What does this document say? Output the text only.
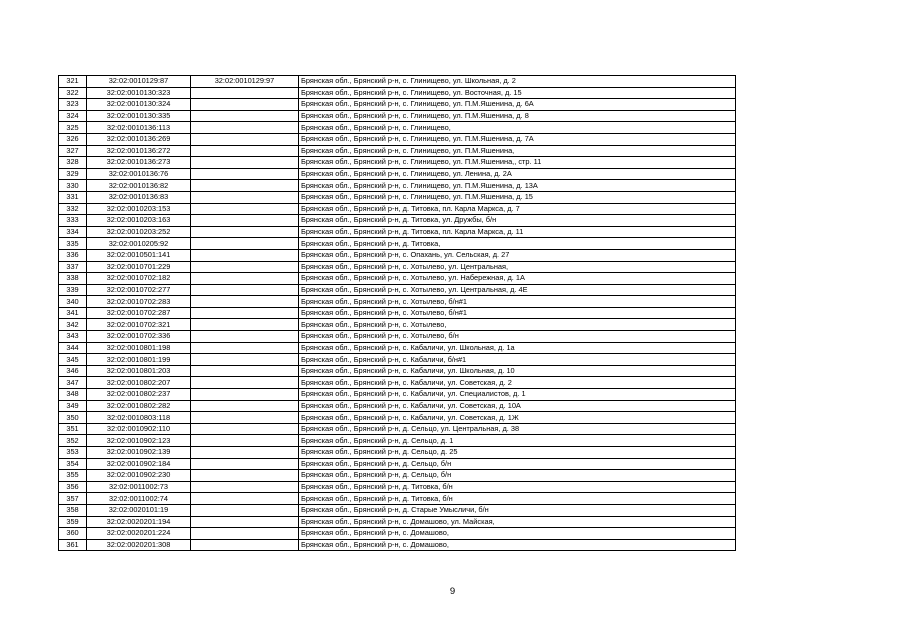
321	32:02:0010129:87	32:02:0010129:97	Брянская обл., Брянский р-н, с. Глинищево, ул. Школьная, д. 2
322	32:02:0010130:323		Брянская обл., Брянский р-н, с. Глинищево, ул. Восточная, д. 15
323	32:02:0010130:324		Брянская обл., Брянский р-н, с. Глинищево, ул. П.М.Яшенина, д. 6А
324	32:02:0010130:335		Брянская обл., Брянский р-н, с. Глинищево, ул. П.М.Яшенина, д. 8
325	32:02:0010136:113		Брянская обл., Брянский р-н, с. Глинищево,
326	32:02:0010136:269		Брянская обл., Брянский р-н, с. Глинищево, ул. П.М.Яшенина, д. 7А
327	32:02:0010136:272		Брянская обл., Брянский р-н, с. Глинищево, ул. П.М.Яшенина,
328	32:02:0010136:273		Брянская обл., Брянский р-н, с. Глинищево, ул. П.М.Яшенина,, стр. 11
329	32:02:0010136:76		Брянская обл., Брянский р-н, с. Глинищево, ул. Ленина, д. 2А
330	32:02:0010136:82		Брянская обл., Брянский р-н, с. Глинищево, ул. П.М.Яшенина, д. 13А
331	32:02:0010136:83		Брянская обл., Брянский р-н, с. Глинищево, ул. П.М.Яшенина, д. 15
332	32:02:0010203:153		Брянская обл., Брянский р-н, д. Титовка, пл. Карла Маркса, д. 7
333	32:02:0010203:163		Брянская обл., Брянский р-н, д. Титовка, ул. Дружбы, б/н
334	32:02:0010203:252		Брянская обл., Брянский р-н, д. Титовка, пл. Карла Маркса, д. 11
335	32:02:0010205:92		Брянская обл., Брянский р-н, д. Титовка,
336	32:02:0010501:141		Брянская обл., Брянский р-н, с. Опахань, ул. Сельская, д. 27
337	32:02:0010701:229		Брянская обл., Брянский р-н, с. Хотылево, ул. Центральная,
338	32:02:0010702:182		Брянская обл., Брянский р-н, с. Хотылево, ул. Набережная, д. 1А
339	32:02:0010702:277		Брянская обл., Брянский р-н, с. Хотылево, ул. Центральная, д. 4Е
340	32:02:0010702:283		Брянская обл., Брянский р-н, с. Хотылево, б/н#1
341	32:02:0010702:287		Брянская обл., Брянский р-н, с. Хотылево, б/н#1
342	32:02:0010702:321		Брянская обл., Брянский р-н, с. Хотылево,
343	32:02:0010702:336		Брянская обл., Брянский р-н, с. Хотылево, б/н
344	32:02:0010801:198		Брянская обл., Брянский р-н, с. Кабаличи, ул. Школьная, д. 1а
345	32:02:0010801:199		Брянская обл., Брянский р-н, с. Кабаличи, б/н#1
346	32:02:0010801:203		Брянская обл., Брянский р-н, с. Кабаличи, ул. Школьная, д. 10
347	32:02:0010802:207		Брянская обл., Брянский р-н, с. Кабаличи, ул. Советская, д. 2
348	32:02:0010802:237		Брянская обл., Брянский р-н, с. Кабаличи, ул. Специалистов, д. 1
349	32:02:0010802:282		Брянская обл., Брянский р-н, с. Кабаличи, ул. Советская, д. 10А
350	32:02:0010803:118		Брянская обл., Брянский р-н, с. Кабаличи, ул. Советская, д. 1Ж
351	32:02:0010902:110		Брянская обл., Брянский р-н, д. Сельцо, ул. Центральная, д. 38
352	32:02:0010902:123		Брянская обл., Брянский р-н, д. Сельцо, д. 1
353	32:02:0010902:139		Брянская обл., Брянский р-н, д. Сельцо, д. 25
354	32:02:0010902:184		Брянская обл., Брянский р-н, д. Сельцо, б/н
355	32:02:0010902:230		Брянская обл., Брянский р-н, д. Сельцо, б/н
356	32:02:0011002:73		Брянская обл., Брянский р-н, д. Титовка, б/н
357	32:02:0011002:74		Брянская обл., Брянский р-н, д. Титовка, б/н
358	32:02:0020101:19		Брянская обл., Брянский р-н, д. Старые Умысличи, б/н
359	32:02:0020201:194		Брянская обл., Брянский р-н, с. Домашово, ул. Майская,
360	32:02:0020201:224		Брянская обл., Брянский р-н, с. Домашово,
361	32:02:0020201:308		Брянская обл., Брянский р-н, с. Домашово,
9
